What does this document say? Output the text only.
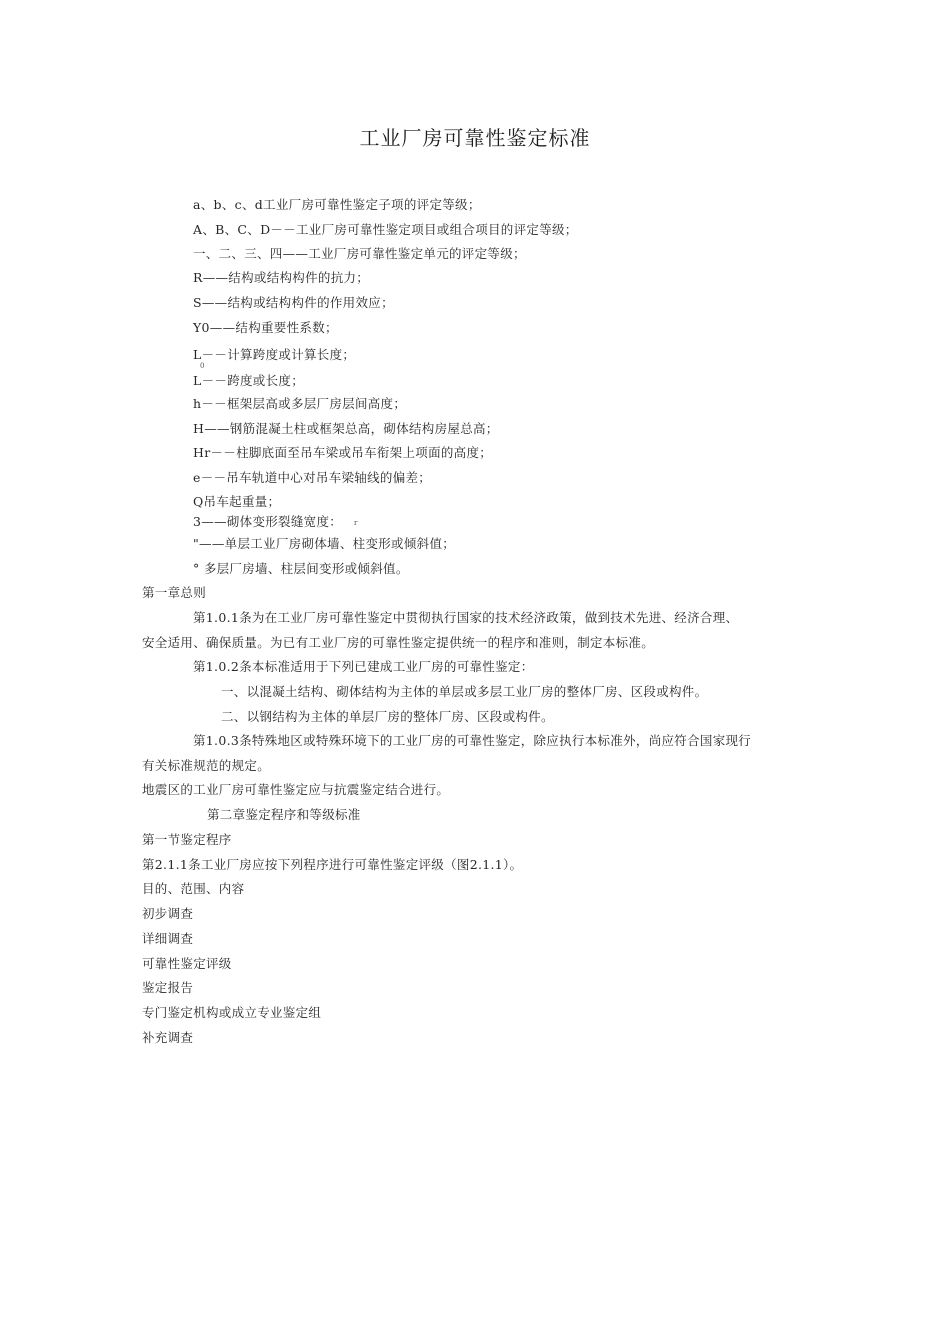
工业厂房可靠性鉴定标准
a、b、c、d工业厂房可靠性鉴定子项的评定等级；
A、B、C、D－－工业厂房可靠性鉴定项目或组合项目的评定等级；
一、二、三、四——工业厂房可靠性鉴定单元的评定等级；
R——结构或结构构件的抗力；
S——结构或结构构件的作用效应；
Y0——结构重要性系数；
L－－计算跨度或计算长度；
0
L－－跨度或长度；
h－－框架层高或多层厂房层间高度；
H——钢筋混凝土柱或框架总高，砌体结构房屋总高；
Hr－－柱脚底面至吊车梁或吊车衔架上项面的高度；
e－－吊车轨道中心对吊车梁轴线的偏差；
Q吊车起重量；
3——砌体变形裂缝宽度： r
"——单层工业厂房砌体墙、柱变形或倾斜值；
° 多层厂房墙、柱层间变形或倾斜值。
第一章总则
第1.0.1条为在工业厂房可靠性鉴定中贯彻执行国家的技术经济政策，做到技术先进、经济合理、
安全适用、确保质量。为已有工业厂房的可靠性鉴定提供统一的程序和准则，制定本标准。
第1.0.2条本标准适用于下列已建成工业厂房的可靠性鉴定：
一、以混凝土结构、砌体结构为主体的单层或多层工业厂房的整体厂房、区段或构件。
二、以钢结构为主体的单层厂房的整体厂房、区段或构件。
第1.0.3条特殊地区或特殊环境下的工业厂房的可靠性鉴定，除应执行本标准外，尚应符合国家现行
有关标准规范的规定。
地震区的工业厂房可靠性鉴定应与抗震鉴定结合进行。
第二章鉴定程序和等级标准
第一节鉴定程序
第2.1.1条工业厂房应按下列程序进行可靠性鉴定评级（图2.1.1）。
目的、范围、内容
初步调查
详细调查
可靠性鉴定评级
鉴定报告
专门鉴定机构或成立专业鉴定组
补充调查
